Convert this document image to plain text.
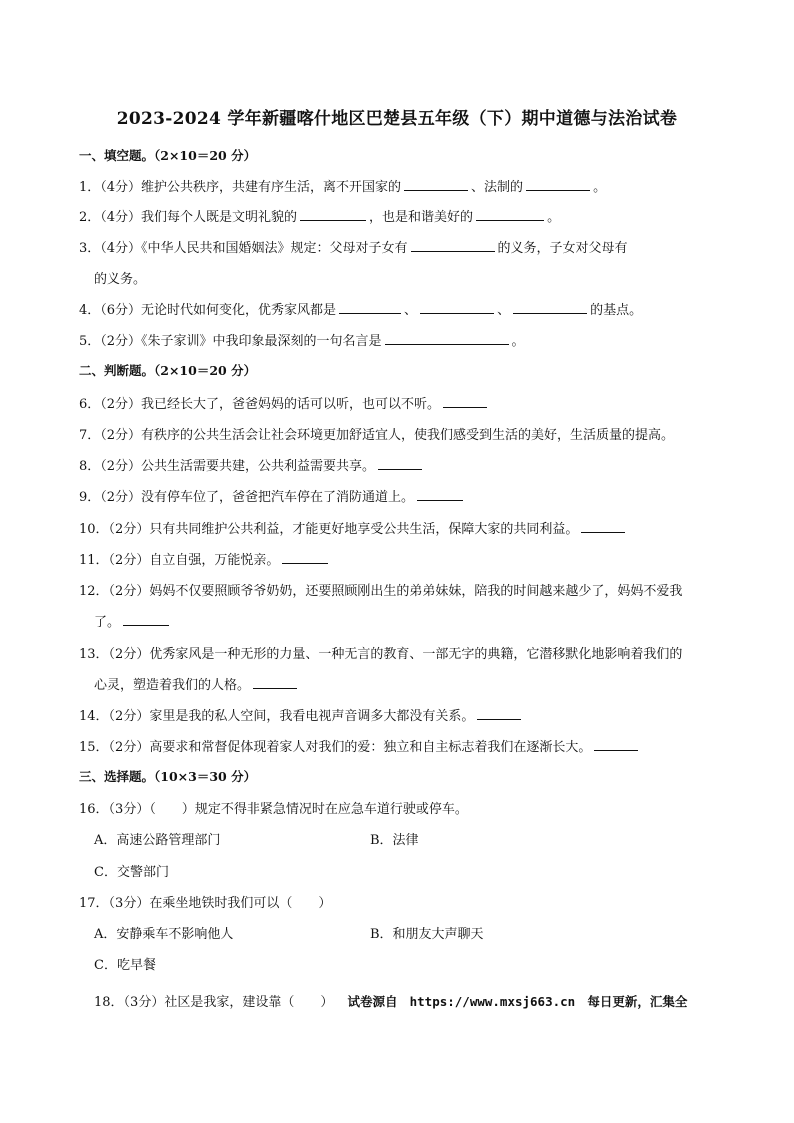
2023-2024 学年新疆喀什地区巴楚县五年级（下）期中道德与法治试卷
一、填空题。（2×10＝20 分）
1．（4分）维护公共秩序，共建有序生活，离不开国家的	、法制的	。
2．（4分）我们每个人既是文明礼貌的	，也是和谐美好的	。
3．（4分）《中华人民共和国婚姻法》规定：父母对子女有	的义务，子女对父母有
的义务。
4．（6分）无论时代如何变化，优秀家风都是	、	、	的基点。
5．（2分）《朱子家训》中我印象最深刻的一句名言是	。
二、判断题。（2×10＝20 分）
6．（2分）我已经长大了，爸爸妈妈的话可以听，也可以不听。
7．（2分）有秩序的公共生活会让社会环境更加舒适宜人，使我们感受到生活的美好，生活质量的提高。
8．（2分）公共生活需要共建，公共利益需要共享。
9．（2分）没有停车位了，爸爸把汽车停在了消防通道上。
10．（2分）只有共同维护公共利益，才能更好地享受公共生活，保障大家的共同利益。
11．（2分）自立自强，万能悦亲。
12．（2分）妈妈不仅要照顾爷爷奶奶，还要照顾刚出生的弟弟妹妹，陪我的时间越来越少了，妈妈不爱我
了。
13．（2分）优秀家风是一种无形的力量、一种无言的教育、一部无字的典籍，它潜移默化地影响着我们的
心灵，塑造着我们的人格。
14．（2分）家里是我的私人空间，我看电视声音调多大都没有关系。
15．（2分）高要求和常督促体现着家人对我们的爱：独立和自主标志着我们在逐渐长大。
三、选择题。（10×3＝30 分）
16．（3分）（　　）规定不得非紧急情况时在应急车道行驶或停车。
A．高速公路管理部门	B．法律
C．交警部门
17．（3分）在乘坐地铁时我们可以（　　）
A．安静乘车不影响他人	B．和朋友大声聊天
C．吃早餐
18．（3分）社区是我家，建设靠（　　） 试卷源自 https://www.mxsj663.cn 每日更新，汇集全
